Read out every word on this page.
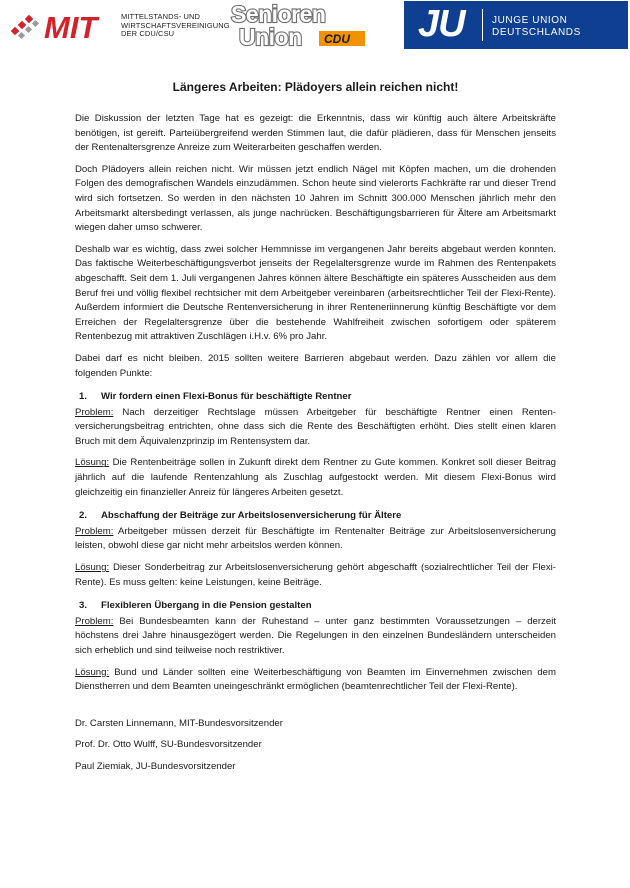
MIT	MITTELSTANDS- UND
WIRTSCHAFTSVEREINIGUNG
DER CDU/CSU
Senioren
Union CDU JU	JUNGE UNION
DEUTSCHLANDS
Längeres Arbeiten: Plädoyers allein reichen nicht!

Die Diskussion der letzten Tage hat es gezeigt: die Erkenntnis, dass wir künftig auch ältere Arbeitskräfte benötigen, ist gereift. Parteiübergreifend werden Stimmen laut, die dafür plädieren, dass für Menschen jenseits der Rentenaltersgrenze Anreize zum Weiterarbeiten geschaffen werden.

Doch Plädoyers allein reichen nicht. Wir müssen jetzt endlich Nägel mit Köpfen machen, um die drohenden Folgen des demografischen Wandels einzudämmen. Schon heute sind vielerorts Fachkräfte rar und dieser Trend wird sich fortsetzen. So werden in den nächsten 10 Jahren im Schnitt 300.000 Menschen jährlich mehr den Arbeitsmarkt altersbedingt verlassen, als junge nachrücken. Beschäftigungsbarrieren für Ältere am Arbeitsmarkt wiegen daher umso schwerer.

Deshalb war es wichtig, dass zwei solcher Hemmnisse im vergangenen Jahr bereits abgebaut werden konnten. Das faktische Weiterbeschäftigungsverbot jenseits der Regelaltersgrenze wurde im Rahmen des Rentenpakets abgeschafft. Seit dem 1. Juli vergangenen Jahres können ältere Beschäftigte ein späteres Ausscheiden aus dem Beruf frei und völlig flexibel rechtsicher mit dem Arbeitgeber vereinbaren (arbeitsrechtlicher Teil der Flexi-Rente). Außerdem informiert die Deutsche Rentenversicherung in ihrer Renteneriinnerung künftig Beschäftigte vor dem Erreichen der Regelaltersgrenze über die bestehende Wahlfreiheit zwischen sofortigem oder späterem Rentenbezug mit attraktiven Zuschlägen i.H.v. 6% pro Jahr.

Dabei darf es nicht bleiben. 2015 sollten weitere Barrieren abgebaut werden. Dazu zählen vor allem die folgenden Punkte:

1.	Wir fordern einen Flexi-Bonus für beschäftigte Rentner

Problem: Nach derzeitiger Rechtslage müssen Arbeitgeber für beschäftigte Rentner einen Rentenversicherungsbeitrag entrichten, ohne dass sich die Rente des Beschäftigten erhöht. Dies stellt einen klaren Bruch mit dem Äquivalenzprinzip im Rentensystem dar.

Lösung: Die Rentenbeiträge sollen in Zukunft direkt dem Rentner zu Gute kommen. Konkret soll dieser Beitrag jährlich auf die laufende Rentenzahlung als Zuschlag aufgestockt werden. Mit diesem Flexi-Bonus wird gleichzeitig ein finanzieller Anreiz für längeres Arbeiten gesetzt.

2.	Abschaffung der Beiträge zur Arbeitslosenversicherung für Ältere

Problem: Arbeitgeber müssen derzeit für Beschäftigte im Rentenalter Beiträge zur Arbeitslosenversicherung leisten, obwohl diese gar nicht mehr arbeitslos werden können.

Lösung: Dieser Sonderbeitrag zur Arbeitslosenversicherung gehört abgeschafft (sozialrechtlicher Teil der Flexi-Rente). Es muss gelten: keine Leistungen, keine Beiträge.

3.	Flexibleren Übergang in die Pension gestalten

Problem: Bei Bundesbeamten kann der Ruhestand – unter ganz bestimmten Voraussetzungen – derzeit höchstens drei Jahre hinausgezögert werden. Die Regelungen in den einzelnen Bundesländern unterscheiden sich erheblich und sind teilweise noch restriktiver.

Lösung: Bund und Länder sollten eine Weiterbeschäftigung von Beamten im Einvernehmen zwischen dem Dienstherren und dem Beamten uneingeschränkt ermöglichen (beamtenrechtlicher Teil der Flexi-Rente).

Dr. Carsten Linnemann, MIT-Bundesvorsitzender
Prof. Dr. Otto Wulff, SU-Bundesvorsitzender
Paul Ziemiak, JU-Bundesvorsitzender
